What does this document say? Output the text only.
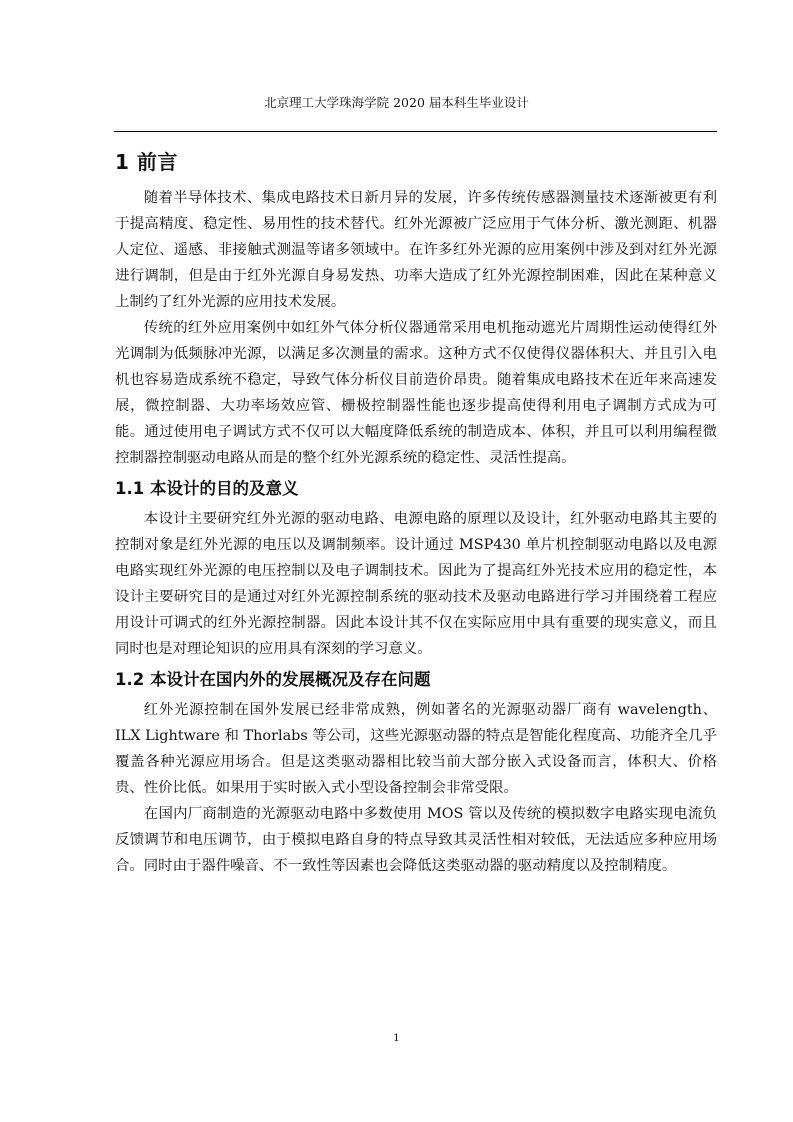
北京理工大学珠海学院 2020 届本科生毕业设计
1 前言

随着半导体技术、集成电路技术日新月异的发展，许多传统传感器测量技术逐渐被更有利于提高精度、稳定性、易用性的技术替代。红外光源被广泛应用于气体分析、激光测距、机器人定位、遥感、非接触式测温等诸多领域中。在许多红外光源的应用案例中涉及到对红外光源进行调制，但是由于红外光源自身易发热、功率大造成了红外光源控制困难，因此在某种意义上制约了红外光源的应用技术发展。

传统的红外应用案例中如红外气体分析仪器通常采用电机拖动遮光片周期性运动使得红外光调制为低频脉冲光源，以满足多次测量的需求。这种方式不仅使得仪器体积大、并且引入电机也容易造成系统不稳定，导致气体分析仪目前造价昂贵。随着集成电路技术在近年来高速发展，微控制器、大功率场效应管、栅极控制器性能也逐步提高使得利用电子调制方式成为可能。通过使用电子调试方式不仅可以大幅度降低系统的制造成本、体积，并且可以利用编程微控制器控制驱动电路从而是的整个红外光源系统的稳定性、灵活性提高。

1.1 本设计的目的及意义

本设计主要研究红外光源的驱动电路、电源电路的原理以及设计，红外驱动电路其主要的控制对象是红外光源的电压以及调制频率。设计通过 MSP430 单片机控制驱动电路以及电源电路实现红外光源的电压控制以及电子调制技术。因此为了提高红外光技术应用的稳定性，本设计主要研究目的是通过对红外光源控制系统的驱动技术及驱动电路进行学习并围绕着工程应用设计可调式的红外光源控制器。因此本设计其不仅在实际应用中具有重要的现实意义，而且同时也是对理论知识的应用具有深刻的学习意义。

1.2 本设计在国内外的发展概况及存在问题

红外光源控制在国外发展已经非常成熟，例如著名的光源驱动器厂商有 wavelength、ILX Lightware 和 Thorlabs 等公司，这些光源驱动器的特点是智能化程度高、功能齐全几乎覆盖各种光源应用场合。但是这类驱动器相比较当前大部分嵌入式设备而言，体积大、价格贵、性价比低。如果用于实时嵌入式小型设备控制会非常受限。

在国内厂商制造的光源驱动电路中多数使用 MOS 管以及传统的模拟数字电路实现电流负反馈调节和电压调节，由于模拟电路自身的特点导致其灵活性相对较低，无法适应多种应用场合。同时由于器件噪音、不一致性等因素也会降低这类驱动器的驱动精度以及控制精度。

1
